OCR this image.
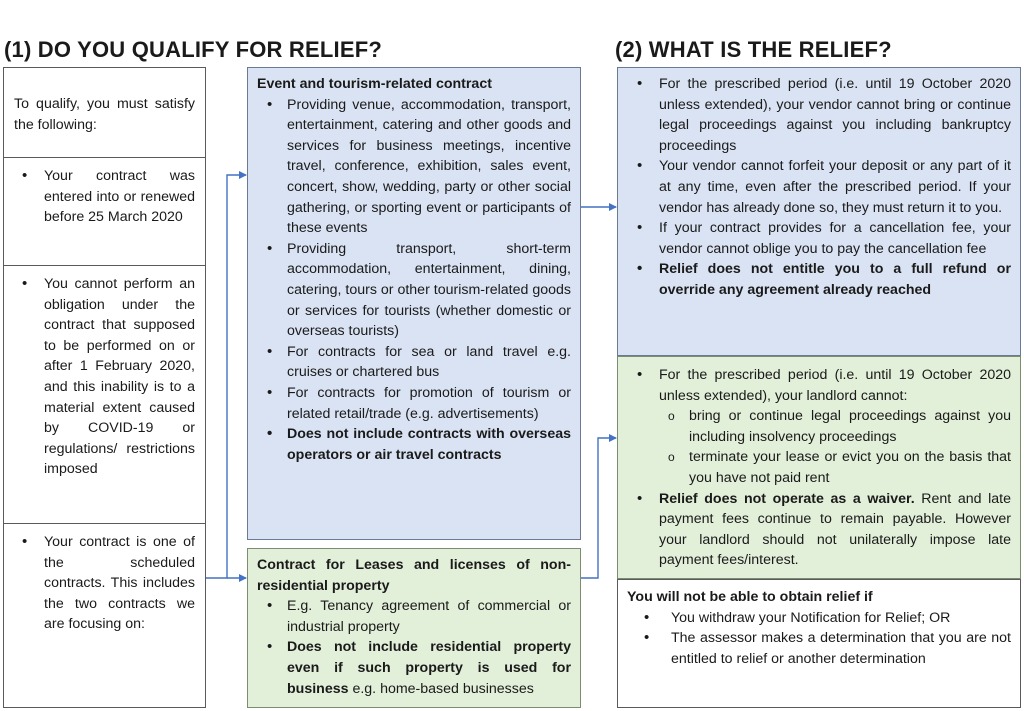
(1) DO YOU QUALIFY FOR RELIEF?	(2) WHAT IS THE RELIEF?
To qualify, you must satisfy the following:
• Your contract was entered into or renewed before 25 March 2020
• You cannot perform an obligation under the contract that supposed to be performed on or after 1 February 2020, and this inability is to a material extent caused by COVID-19 or regulations/ restrictions imposed
• Your contract is one of the scheduled contracts. This includes the two contracts we are focusing on:
Event and tourism-related contract
• Providing venue, accommodation, transport, entertainment, catering and other goods and services for business meetings, incentive travel, conference, exhibition, sales event, concert, show, wedding, party or other social gathering, or sporting event or participants of these events
• Providing transport, short-term accommodation, entertainment, dining, catering, tours or other tourism-related goods or services for tourists (whether domestic or overseas tourists)
• For contracts for sea or land travel e.g. cruises or chartered bus
• For contracts for promotion of tourism or related retail/trade (e.g. advertisements)
• Does not include contracts with overseas operators or air travel contracts
Contract for Leases and licenses of non-residential property
• E.g. Tenancy agreement of commercial or industrial property
• Does not include residential property even if such property is used for business e.g. home-based businesses
• For the prescribed period (i.e. until 19 October 2020 unless extended), your vendor cannot bring or continue legal proceedings against you including bankruptcy proceedings
• Your vendor cannot forfeit your deposit or any part of it at any time, even after the prescribed period. If your vendor has already done so, they must return it to you.
• If your contract provides for a cancellation fee, your vendor cannot oblige you to pay the cancellation fee
• Relief does not entitle you to a full refund or override any agreement already reached
• For the prescribed period (i.e. until 19 October 2020 unless extended), your landlord cannot:
o bring or continue legal proceedings against you including insolvency proceedings
o terminate your lease or evict you on the basis that you have not paid rent
• Relief does not operate as a waiver. Rent and late payment fees continue to remain payable. However your landlord should not unilaterally impose late payment fees/interest.
You will not be able to obtain relief if
• You withdraw your Notification for Relief; OR
• The assessor makes a determination that you are not entitled to relief or another determination
